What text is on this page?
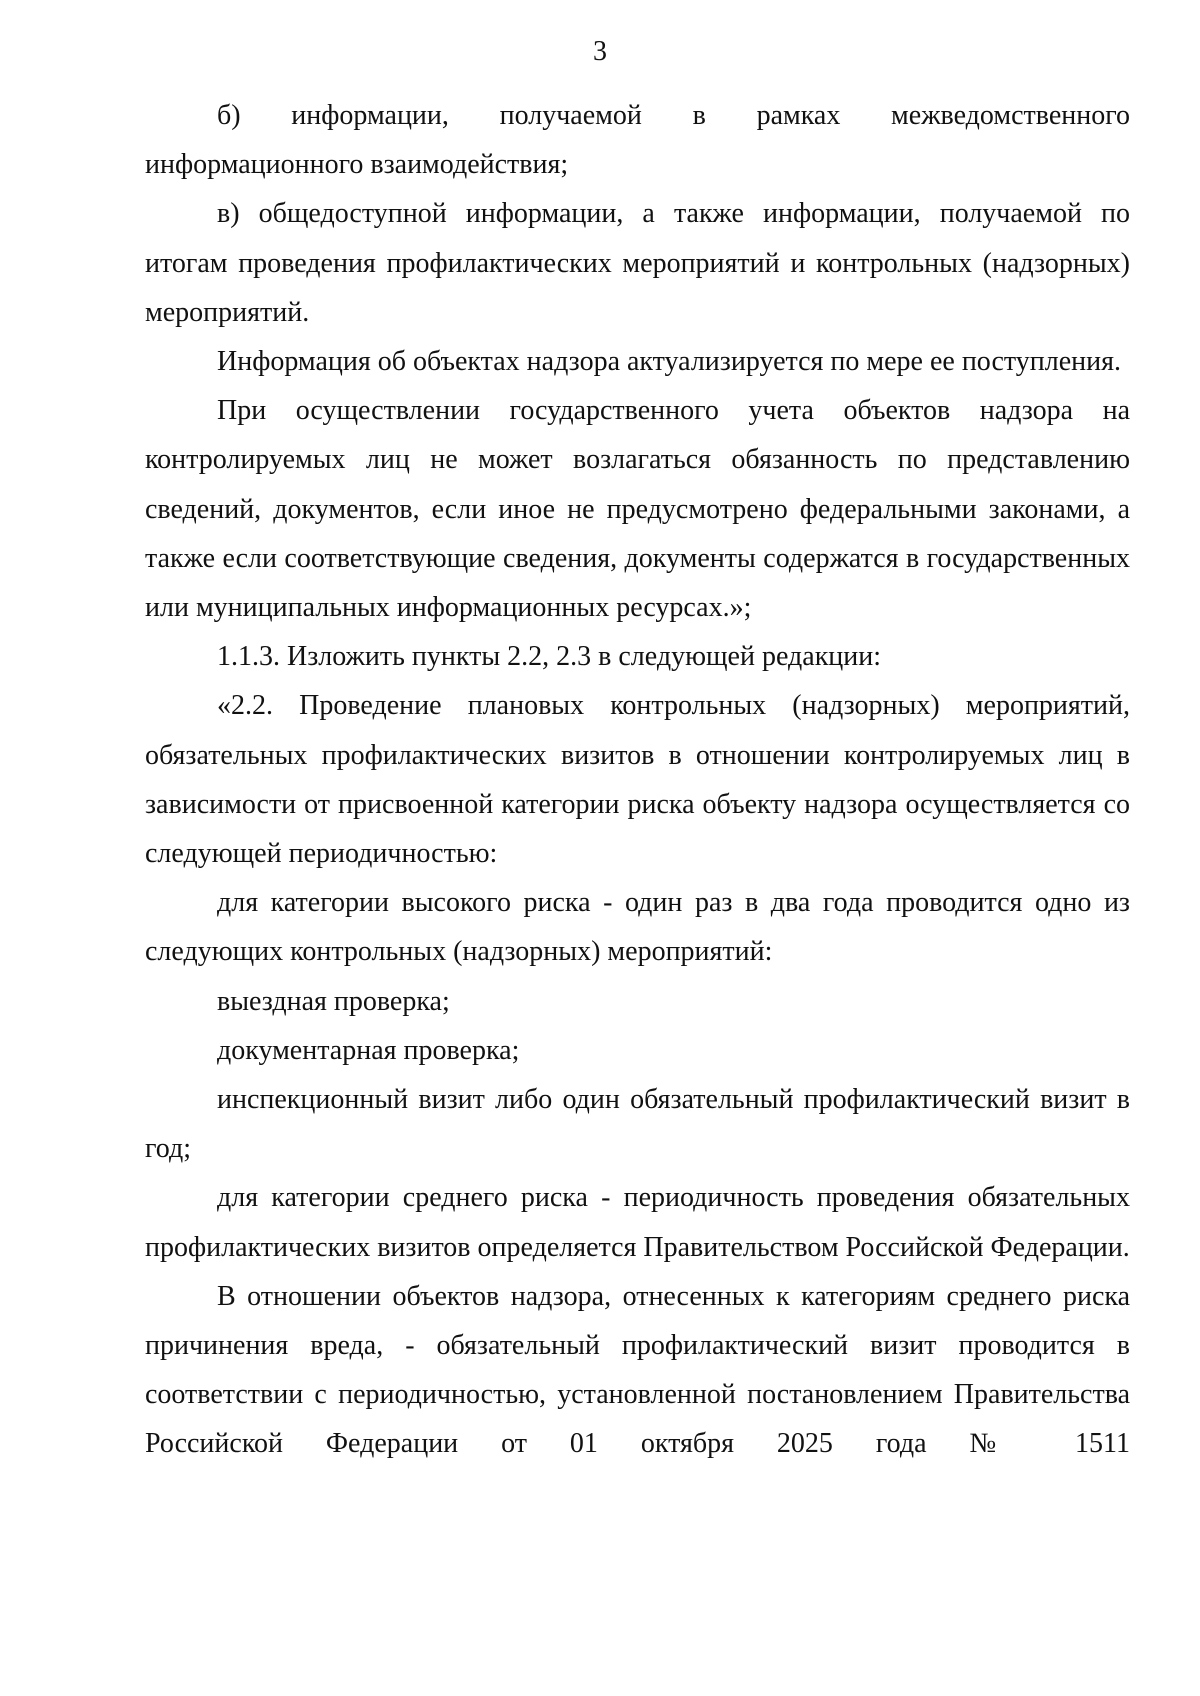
3

б) информации, получаемой в рамках межведомственного информационного взаимодействия;

в) общедоступной информации, а также информации, получаемой по итогам проведения профилактических мероприятий и контрольных (надзорных) мероприятий.

Информация об объектах надзора актуализируется по мере ее поступления.

При осуществлении государственного учета объектов надзора на контролируемых лиц не может возлагаться обязанность по представлению сведений, документов, если иное не предусмотрено федеральными законами, а также если соответствующие сведения, документы содержатся в государственных или муниципальных информационных ресурсах.»;

1.1.3. Изложить пункты 2.2, 2.3 в следующей редакции:

«2.2. Проведение плановых контрольных (надзорных) мероприятий, обязательных профилактических визитов в отношении контролируемых лиц в зависимости от присвоенной категории риска объекту надзора осуществляется со следующей периодичностью:

для категории высокого риска - один раз в два года проводится одно из следующих контрольных (надзорных) мероприятий:

выездная проверка;

документарная проверка;

инспекционный визит либо один обязательный профилактический визит в год;

для категории среднего риска - периодичность проведения обязательных профилактических визитов определяется Правительством Российской Федерации.

В отношении объектов надзора, отнесенных к категориям среднего риска причинения вреда, - обязательный профилактический визит проводится в соответствии с периодичностью, установленной постановлением Правительства Российской Федерации от 01 октября 2025 года № 1511
